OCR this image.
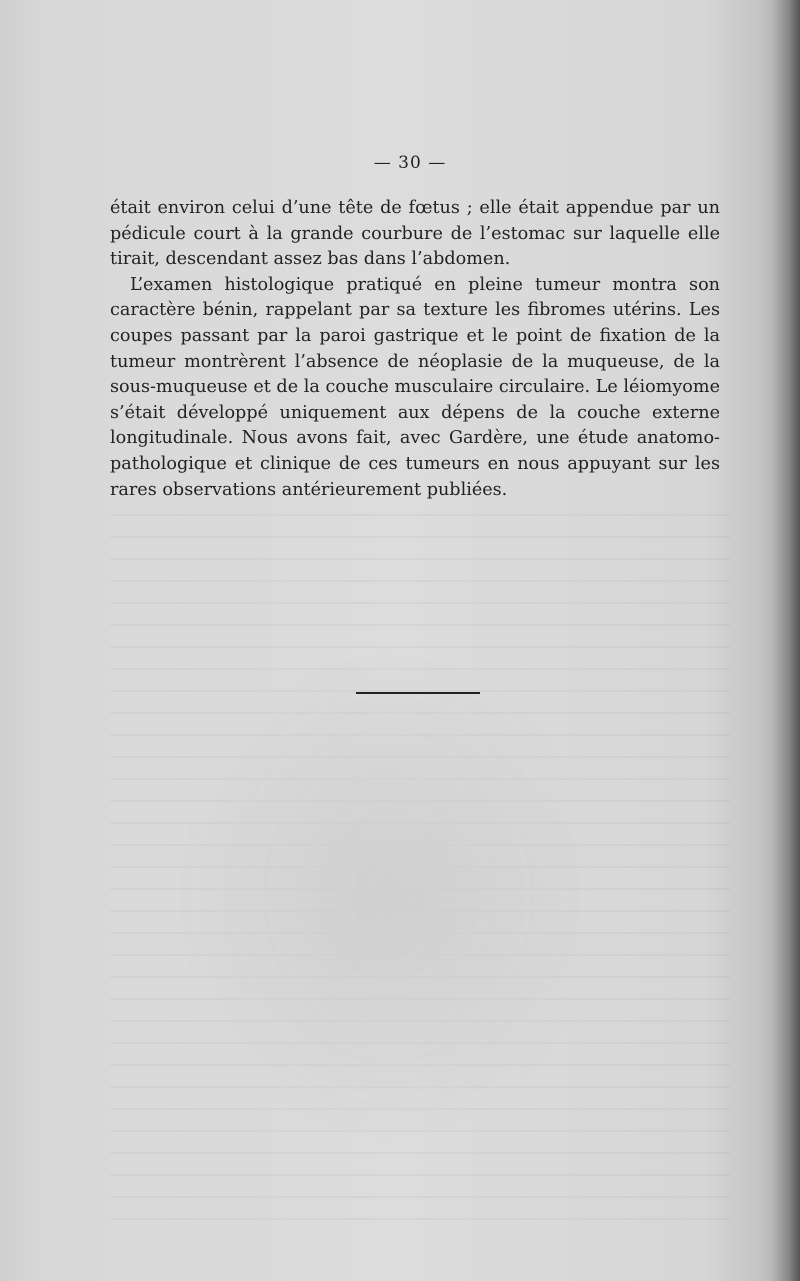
— 30 —

était environ celui d’une tête de fœtus ; elle était appendue par un pédicule court à la grande courbure de l’estomac sur laquelle elle tirait, descendant assez bas dans l’abdomen.

L’examen histologique pratiqué en pleine tumeur montra son caractère bénin, rappelant par sa texture les fibromes utérins. Les coupes passant par la paroi gastrique et le point de fixation de la tumeur montrèrent l’absence de néoplasie de la muqueuse, de la sous-muqueuse et de la couche musculaire circulaire. Le léiomyome s’était développé uniquement aux dépens de la couche externe longitudinale. Nous avons fait, avec Gardère, une étude anatomo-pathologique et clinique de ces tumeurs en nous appuyant sur les rares observations antérieurement publiées.
